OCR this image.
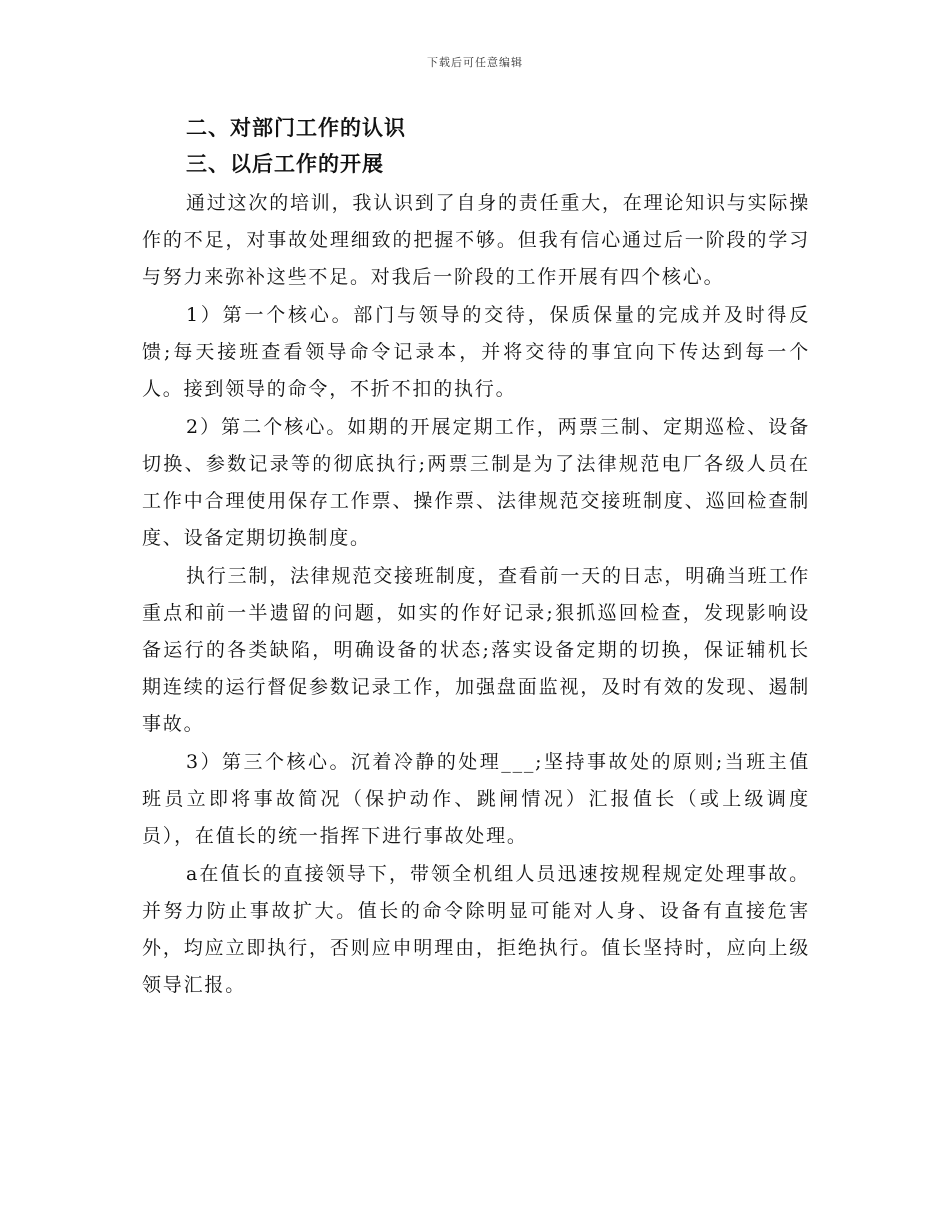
下载后可任意编辑
二、对部门工作的认识
三、以后工作的开展

通过这次的培训，我认识到了自身的责任重大，在理论知识与实际操作的不足，对事故处理细致的把握不够。但我有信心通过后一阶段的学习与努力来弥补这些不足。对我后一阶段的工作开展有四个核心。

1）第一个核心。部门与领导的交待，保质保量的完成并及时得反馈;每天接班查看领导命令记录本，并将交待的事宜向下传达到每一个人。接到领导的命令，不折不扣的执行。

2）第二个核心。如期的开展定期工作，两票三制、定期巡检、设备切换、参数记录等的彻底执行;两票三制是为了法律规范电厂各级人员在工作中合理使用保存工作票、操作票、法律规范交接班制度、巡回检查制度、设备定期切换制度。

执行三制，法律规范交接班制度，查看前一天的日志，明确当班工作重点和前一半遗留的问题，如实的作好记录;狠抓巡回检查，发现影响设备运行的各类缺陷，明确设备的状态;落实设备定期的切换，保证辅机长期连续的运行督促参数记录工作，加强盘面监视，及时有效的发现、遏制事故。

3）第三个核心。沉着冷静的处理___;坚持事故处的原则;当班主值班员立即将事故简况（保护动作、跳闸情况）汇报值长（或上级调度员），在值长的统一指挥下进行事故处理。

a在值长的直接领导下，带领全机组人员迅速按规程规定处理事故。并努力防止事故扩大。值长的命令除明显可能对人身、设备有直接危害外，均应立即执行，否则应申明理由，拒绝执行。值长坚持时，应向上级领导汇报。
